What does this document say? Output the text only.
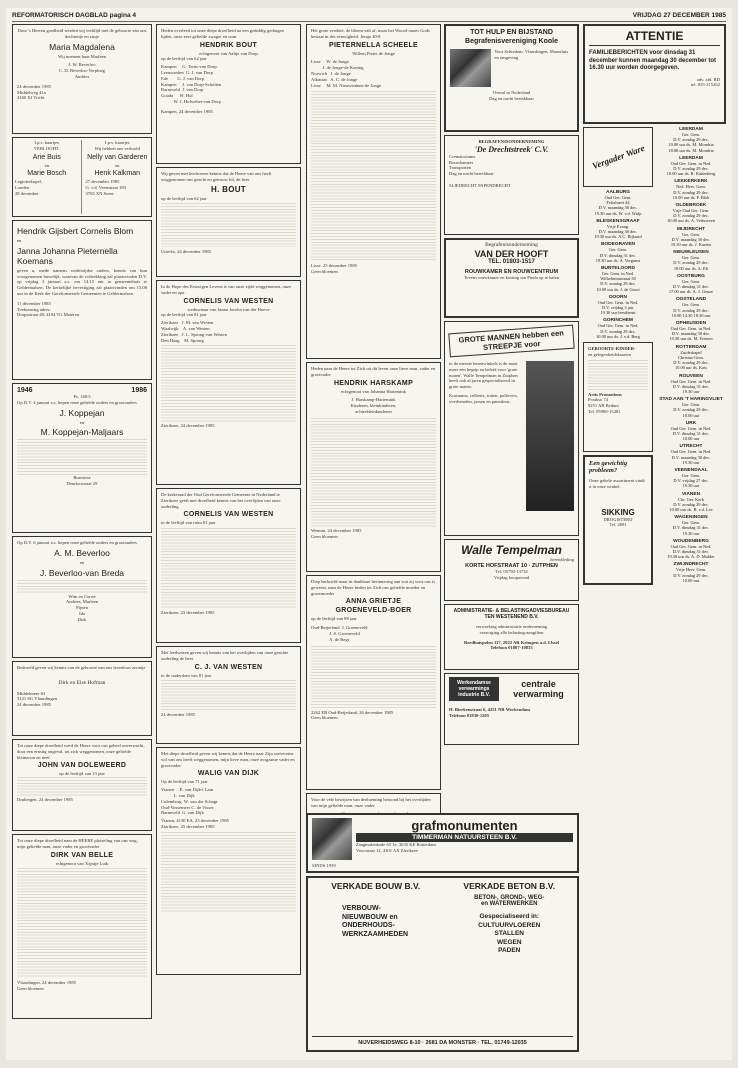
REFORMATORISCH DAGBLAD pagina 4	VRIJDAG 27 DECEMBER 1985
Door 's Heeren goedheid werden wij verblijd met de geboorte van ons dochtertje en zusje
Maria Magdalena
Wij noemen haar Marleen
J. W. Beverloo
C. D. Beverloo-Verploeg
Andries
24 december 1985
Middelweg 41a
4160 XJ Tricht
I.p.v. kaartjes
VERLOOFD:
Arie Buis
en
Marie Bosch
Leginterkopel,
Londen
28 december
I.p.v. kaartjes
Wij hebben ons verloofd
Nelly van Garderen
en
Henk Kalkman
27 december 1985
G. v.d. Veenstraat 183
3765 XN Soest
Hendrik Gijsbert Cornelis Blom
en
Janna Johanna Pieternella Koemans
geven u, mede namens wederzijdse ouders, kennis van hun voorgenomen huwelijk, waarvan de voltrekking zal plaatsvinden D.V. op vrijdag 3 januari a.s. om 14.15 uur in gemeentehuis te Geldermalsen. De kerkelijke bevestiging zal plaatsvinden om 15.00 uur in de Kerk der Gereformeerde Gemeenten te Geldermalsen.
11 december 1985
Toekomstig adres:
Dorpsstraat 48, 4194 TG Meteren
1946	1986
Ps. 148:5
Op D.V. 4 januari a.s. hopen onze geliefde ouders en grootouders
J. Koppejan
en
M. Koppejan-Maljaars
Bruinisse
Deurloostraat 29
Op D.V. 6 januari a.s. hopen onze geliefde ouders en grootouders
A. M. Beverloo
en
J. Beverloo-van Breda
Wim en Corrie
Andries, Marleen
Pijnen
Ida
Dirk
Bedroefd geven wij kennis van de geboorte van ons levenloos zoontje
Dirk en Else Hofman
Middelmeer 63
3121 SG Vlaardingen
24 december 1985
Tot onze diepe droefheid werd de Heere voor ons geheel onverwacht, door een ernstig ongeval, tot zich weggenomen, onze geliefde kleinzoon en neef
JOHN VAN DOLEWEERD
op de leeftijd van 13 jaar
Drubergen, 24 december 1985
Tot onze diepe droefheid nam de HEERE plotseling van ons weg, mijn geliefde man, onze vader en grootvader
DIRK VAN BELLE
echtgenoot van Trijntje Luik
Vlaardingen, 24 december 1985
Geen bloemen
Heden overleed tot onze diepe droefheid na een geduldig gedragen lijden, onze zeer geliefde zwager en oom
HENDRIK BOUT
echtgenoot van Aaltje van Dorp
op de leeftijd van 62 jaar
Kampen     G. Terns-van Dorp
Leeuwarden  G. J. van Dorp
Ede        G. J. van Dorp
Kampen     J. van Dorp-Scholten
Barneveld  J. van Dorp
Gouda      H. Hol
W. J. Hofweber-van Dorp
Kampen, 24 december 1985
Wij geven met leedwezen kennis dat de Heere van ons heeft weggenomen ons geacht en getrouw lid, de heer
H. BOUT
op de leeftijd van 62 jaar
Utrecht, 24 december 1985
In de Hope des Eeuwigen Levens is van onze zijde weggenomen, onze vader en opa
CORNELIS VAN WESTEN
weduwnaar van Janna Jacoba van der Hoeve
op de leeftijd van 81 jaar
Zierikzee   J. M. van Westen
Waalwijk    A. van Westen
Zierikzee   J. L. Sprong-van Westen
Den Haag    M. Sprong
Zierikzee, 24 december 1985
De kerkeraad der Oud Gereformeerde Gemeente in Nederland te Zierikzee geeft met droefheid kennis van het overlijden van onze ouderling
CORNELIS VAN WESTEN
in de leeftijd van ruim 81 jaar
Zierikzee, 23 december 1985
Met leedwezen geven wij kennis van het overlijden van onze geachte ouderling de heer
C. J. VAN WESTEN
in de ouderdom van 81 jaar
24 december 1985
Met diepe droefheid geven wij kennis dat de Heere naar Zijn soevereine wil van ons heeft weggenomen, mijn lieve man, onze zorgzame vader en grootvader
WALIG VAN DIJK
Op de leeftijd van 71 jaar
Vianen     E. van Dijk-t Lam
L. van Dijk
Culemborg  W. van der Schagt
Oud-Vossemeer C. de Visser
Barneveld  G. van Dijk
Vianen, 4130 EA, 25 december 1985
Zierikzee, 25 december 1985
Het grote verdriet, de bloem valt af, maar het Woord onzes Gods bestaat in der eeuwigheid. Jesaja 40:8
PIETERNELLA SCHEELE
Willem Pieter de Jonge
Lisse     W. de Jonge
J. de Jonge-de Koning
Norwich   J. de Jonge
Alkmaar   A. C. de Jonge
Lisse     M. M. Nieuwenhuis-de Jonge
Lisse, 25 december 1985
Geen bloemen
Heden nam de Heere tot Zich uit dit leven onze lieve man, vader en grootvader
HENDRIK HARSKAMP
echtgenoot van Johanna Hartemink
J. Harskamp-Hartemink
Kinderen, kleinkinderen,
achterkleinkinderen
Wenum, 24 december 1985
Geen bloemen
Diep bedroefd maar in dankbare herinnering aan wat zij voor ons is geweest, nam de Heere heden tot Zich ons geliefde moeder en grootmoeder
ANNA GRIETJE
GROENEVELD-BOER
op de leeftijd van 88 jaar
Oud-Beijerland  J. Groeneveld
J. S. Groeneveld
A. de Regt
2262 EB Oud-Beijerland, 26 december 1985
Geen bloemen
Voor de vele bewijzen van deelneming betoond bij het overlijden van mijn geliefde man, onze vader
TOT HULP EN BIJSTAND
Begrafenisvereniging Koole
Voor Schiedam, Vlaardingen, Maassluis en omgeving
Overal in Nederland
Dag en nacht bereikbaar
BEGRAFENISONDERNEMING
'De Drechtstreek' C.V.
Crematoriums
Rouwkamers
Transporten
Dag en nacht bereikbaar
SLIEDRECHT PAPENDRECHT
Begrafenisonderneming
VAN DER HOOFT
TEL. 01803-1517
ROUWKAMER EN ROUWCENTRUM
Tevens rouwkamer en kosting om Pinda op te halen
GROTE MANNEN hebben een STREEPJE voor
in de meeste herenwinkels is de maat meer een begrip en beleid voor 'grote maten'. Walle Tempelman in Zutphen heeft ook al jaren gespecialiseerd in grote maten.
Kostuums, colberts, truien, pullovers, overhemden, jassen en pantalons.
Walle Tempelman
herenkleding
KORTE HOFSTRAAT 10 · ZUTPHEN
Tel: 05750-13732
Vrijdag koopavond
ADMINISTRATIE- & BELASTINGADVIESBUREAU TEN WESTENEND B.V.
verwerking administratie onderneming
verzorging alle belasting-aangiften
Reedhuispolen 117, 2922 AR Krimpen a.d. IJssel
Telefoon 01807-10833
Werkendamse verwarmings industrie B.V.
centrale verwarming
H. Bierkenstraat 6, 4251 NR Werkendam
Telefoon 01830-1205
grafmonumenten
TIMMERMAN NATUURSTEEN B.V.
Zaagmolenkade 63 1e, 3035 KE Rotterdam
Voorstraat 12, 4301 AX Zierikzee
SINDS 1939
VERKADE BOUW B.V.
VERBOUW-
NIEUWBOUW en
ONDERHOUDS-
WERKZAAMHEDEN
VERKADE BETON B.V.
BETON-, GROND-, WEG-
en WATERWERKEN
Gespecialiseerd in:
CULTUURVLOEREN
STALLEN
WEGEN
PADEN
NIJVERHEIDSWEG 8-10 · 2681 DA MONSTER · TEL. 01749-12035
ATTENTIE
FAMILIEBERICHTEN voor dinsdag 31 december kunnen maandag 30 december tot 16.30 uur worden doorgegeven.
adv. afd. RD
tel. 055-215262
Vergader Ware
AALBURG
Oud Ger. Gem.
Felixhaert 44
D.V. maandag 30 dec.
19.30 uur ds. W. v.d. Wulp
BLESKENSGRAAF
Vrije Evang.
D.V. maandag 30 dec.
19.30 uur ds. A.C. Bijlaard
BODEGRAVEN
Ger. Gem.
D.V. dinsdag 31 dec.
19.30 uur ds. A. Vergunst
BUNTELOORD
Ger. Gem. in Ned.
Wilhelminastraat 30
D.V. zondag 29 dec.
10.00 uur ds. J. de Groot
DOORN
Oud Ger. Gem. in Ned.
D.V. vrijdag 3 jan.
19.30 uur leesdienst
GORINCHEM
Oud Ger. Gem. in Ned.
D.V. zondag 29 dec.
10.00 uur ds. J. v.d. Berg
GEBOORTE-KINDER-
en gelegenheidskaarten
Artis Promotions
Postbus 74
9251 AB Bedum
Tel. 05900-15281
Een gewichtig probleem?
Onze gehele assortiment vindt u in onze winkel.
SIKKING
DROGISTERIJ
Tel. 2091
LEERDAM
Ger. Gem.
D.V. zondag 29 dec.
10.00 uur ds. M. Mondria
18.00 uur ds. M. Mondria
LEERDAM
Oud Ger. Gem. in Ned.
D.V. zondag 29 dec.
10.00 uur ds. R. Kattenberg
LEKKERKERK
Ned. Herv. Gem.
D.V. zondag 29 dec.
10.00 uur ds. P. Blok
OLDEBROEK
Vrije Oud Ger. Gem.
D.V. zondag 29 dec.
10.00 uur ds. A. Verhoeven
MIJDRECHT
Ger. Gem.
D.V. maandag 30 dec.
19.30 uur ds. J. Karens
NIEUWLEUSEN
Ger. Gem.
D.V. zondag 29 dec.
10.00 uur ds. A. Elt
OOSTBURG
Ger. Gem.
D.V. dinsdag 31 dec.
17.00 uur ds. A. J. Geuze
OOSTELAND
Ger. Gem.
D.V. zondag 29 dec.
10.00 14.30 18.30 uur
OPHEUSDEN
Oud Ger. Gem. in Ned.
D.V. maandag 30 dec.
19.30 uur ds. M. Friesen
ROTTERDAM
Zuiderkapel
Christus-Gem.
D.V. zondag 29 dec.
10.00 uur ds. Kats
ROUVEEN
Oud Ger. Gem. in Ned.
D.V. dinsdag 31 dec.
19.30 uur
STAD AAN 'T HARINGVLIET
Ger. Gem.
D.V. zondag 29 dec.
10.00 uur
URK
Oud Ger. Gem. in Ned.
D.V. dinsdag 31 dec.
10.00 uur
UTRECHT
Oud Ger. Gem. in Ned.
D.V. maandag 30 dec.
19.30 uur
VEENENDAAL
Ger. Gem.
D.V. vrijdag 27 dec.
19.30 uur
VIANEN
Chr. Ger. Kerk
D.V. zondag 29 dec.
10.00 uur ds. B. v.d. Lee
WAGENINGEN
Ger. Gem.
D.V. dinsdag 31 dec.
19.30 uur
WOUDENBERG
Oud Ger. Gem. in Ned.
D.V. dinsdag 31 dec.
19.30 uur ds. A. D. Mulder
ZWIJNDRECHT
Vrije Herv. Gem.
D.V. zondag 29 dec.
10.00 uur
